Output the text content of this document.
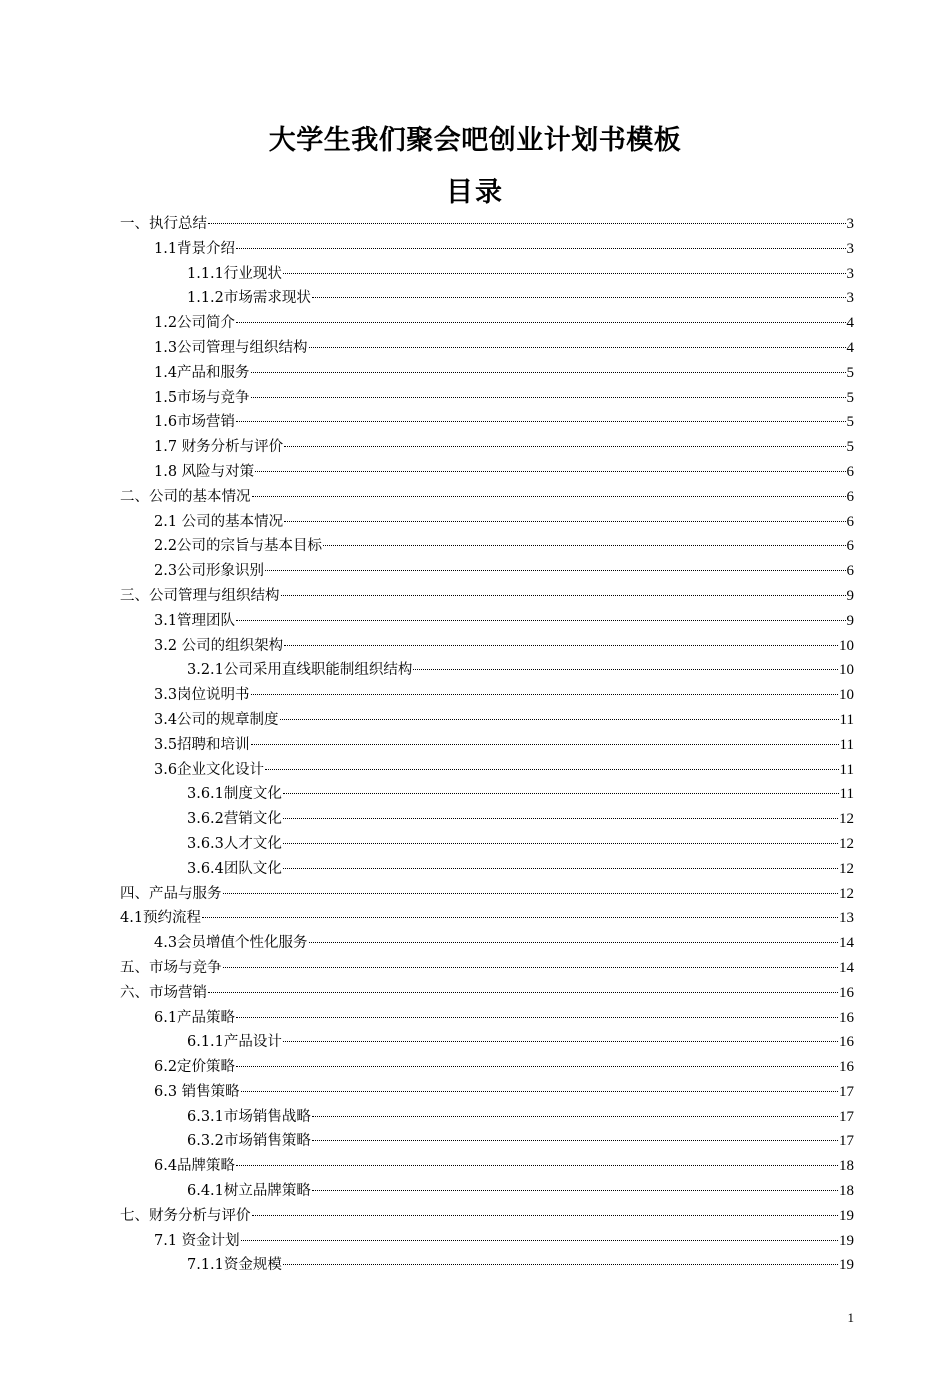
大学生我们聚会吧创业计划书模板
目录
一、执行总结	3
1.1背景介绍	3
1.1.1行业现状	3
1.1.2市场需求现状	3
1.2公司简介	4
1.3公司管理与组织结构	4
1.4产品和服务	5
1.5市场与竞争	5
1.6市场营销	5
1.7 财务分析与评价	5
1.8 风险与对策	6
二、公司的基本情况	6
2.1 公司的基本情况	6
2.2公司的宗旨与基本目标	6
2.3公司形象识别	6
三、公司管理与组织结构	9
3.1管理团队	9
3.2 公司的组织架构	10
3.2.1公司采用直线职能制组织结构	10
3.3岗位说明书	10
3.4公司的规章制度	11
3.5招聘和培训	11
3.6企业文化设计	11
3.6.1制度文化	11
3.6.2营销文化	12
3.6.3人才文化	12
3.6.4团队文化	12
四、产品与服务	12
4.1预约流程	13
4.3会员增值个性化服务	14
五、市场与竞争	14
六、市场营销	16
6.1产品策略	16
6.1.1产品设计	16
6.2定价策略	16
6.3 销售策略	17
6.3.1市场销售战略	17
6.3.2市场销售策略	17
6.4品牌策略	18
6.4.1树立品牌策略	18
七、财务分析与评价	19
7.1 资金计划	19
7.1.1资金规模	19
1
